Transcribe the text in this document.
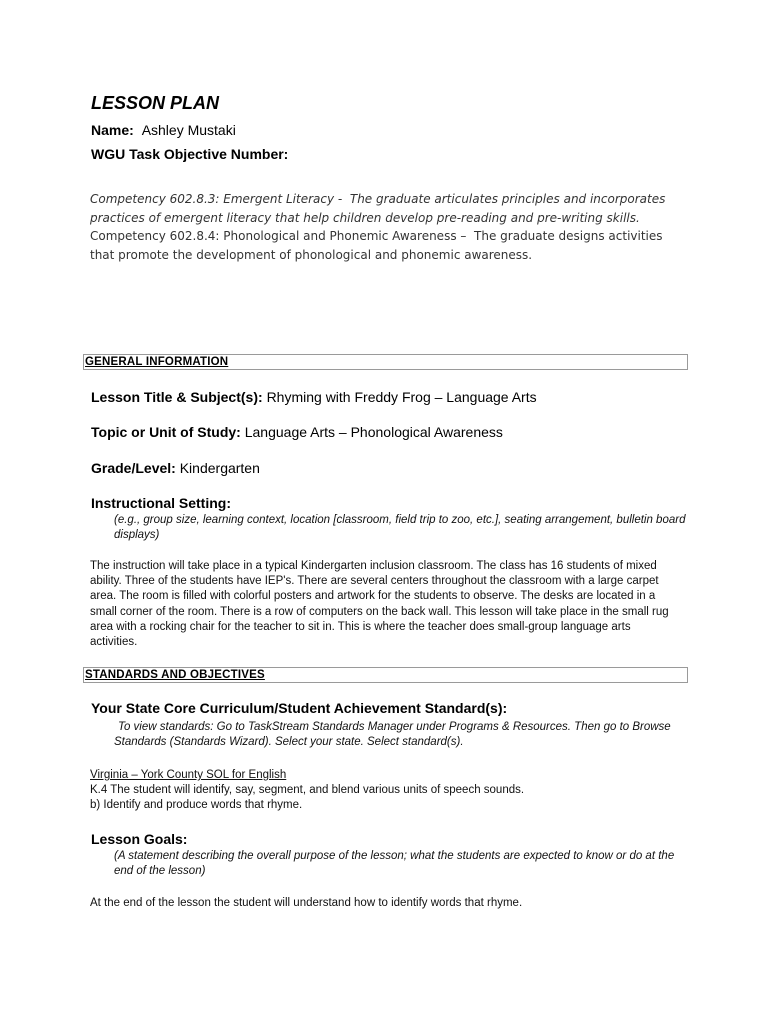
LESSON PLAN
Name: Ashley Mustaki
WGU Task Objective Number:
Competency 602.8.3: Emergent Literacy - The graduate articulates principles and incorporates practices of emergent literacy that help children develop pre-reading and pre-writing skills.
Competency 602.8.4: Phonological and Phonemic Awareness – The graduate designs activities that promote the development of phonological and phonemic awareness.
GENERAL INFORMATION
Lesson Title & Subject(s): Rhyming with Freddy Frog – Language Arts
Topic or Unit of Study: Language Arts – Phonological Awareness
Grade/Level: Kindergarten
Instructional Setting:
(e.g., group size, learning context, location [classroom, field trip to zoo, etc.], seating arrangement, bulletin board displays)
The instruction will take place in a typical Kindergarten inclusion classroom. The class has 16 students of mixed ability. Three of the students have IEP's. There are several centers throughout the classroom with a large carpet area. The room is filled with colorful posters and artwork for the students to observe. The desks are located in a small corner of the room. There is a row of computers on the back wall. This lesson will take place in the small rug area with a rocking chair for the teacher to sit in. This is where the teacher does small-group language arts activities.
STANDARDS AND OBJECTIVES
Your State Core Curriculum/Student Achievement Standard(s):
To view standards: Go to TaskStream Standards Manager under Programs & Resources. Then go to Browse Standards (Standards Wizard). Select your state. Select standard(s).
Virginia – York County SOL for English
K.4 The student will identify, say, segment, and blend various units of speech sounds.
b) Identify and produce words that rhyme.
Lesson Goals:
(A statement describing the overall purpose of the lesson; what the students are expected to know or do at the end of the lesson)
At the end of the lesson the student will understand how to identify words that rhyme.
